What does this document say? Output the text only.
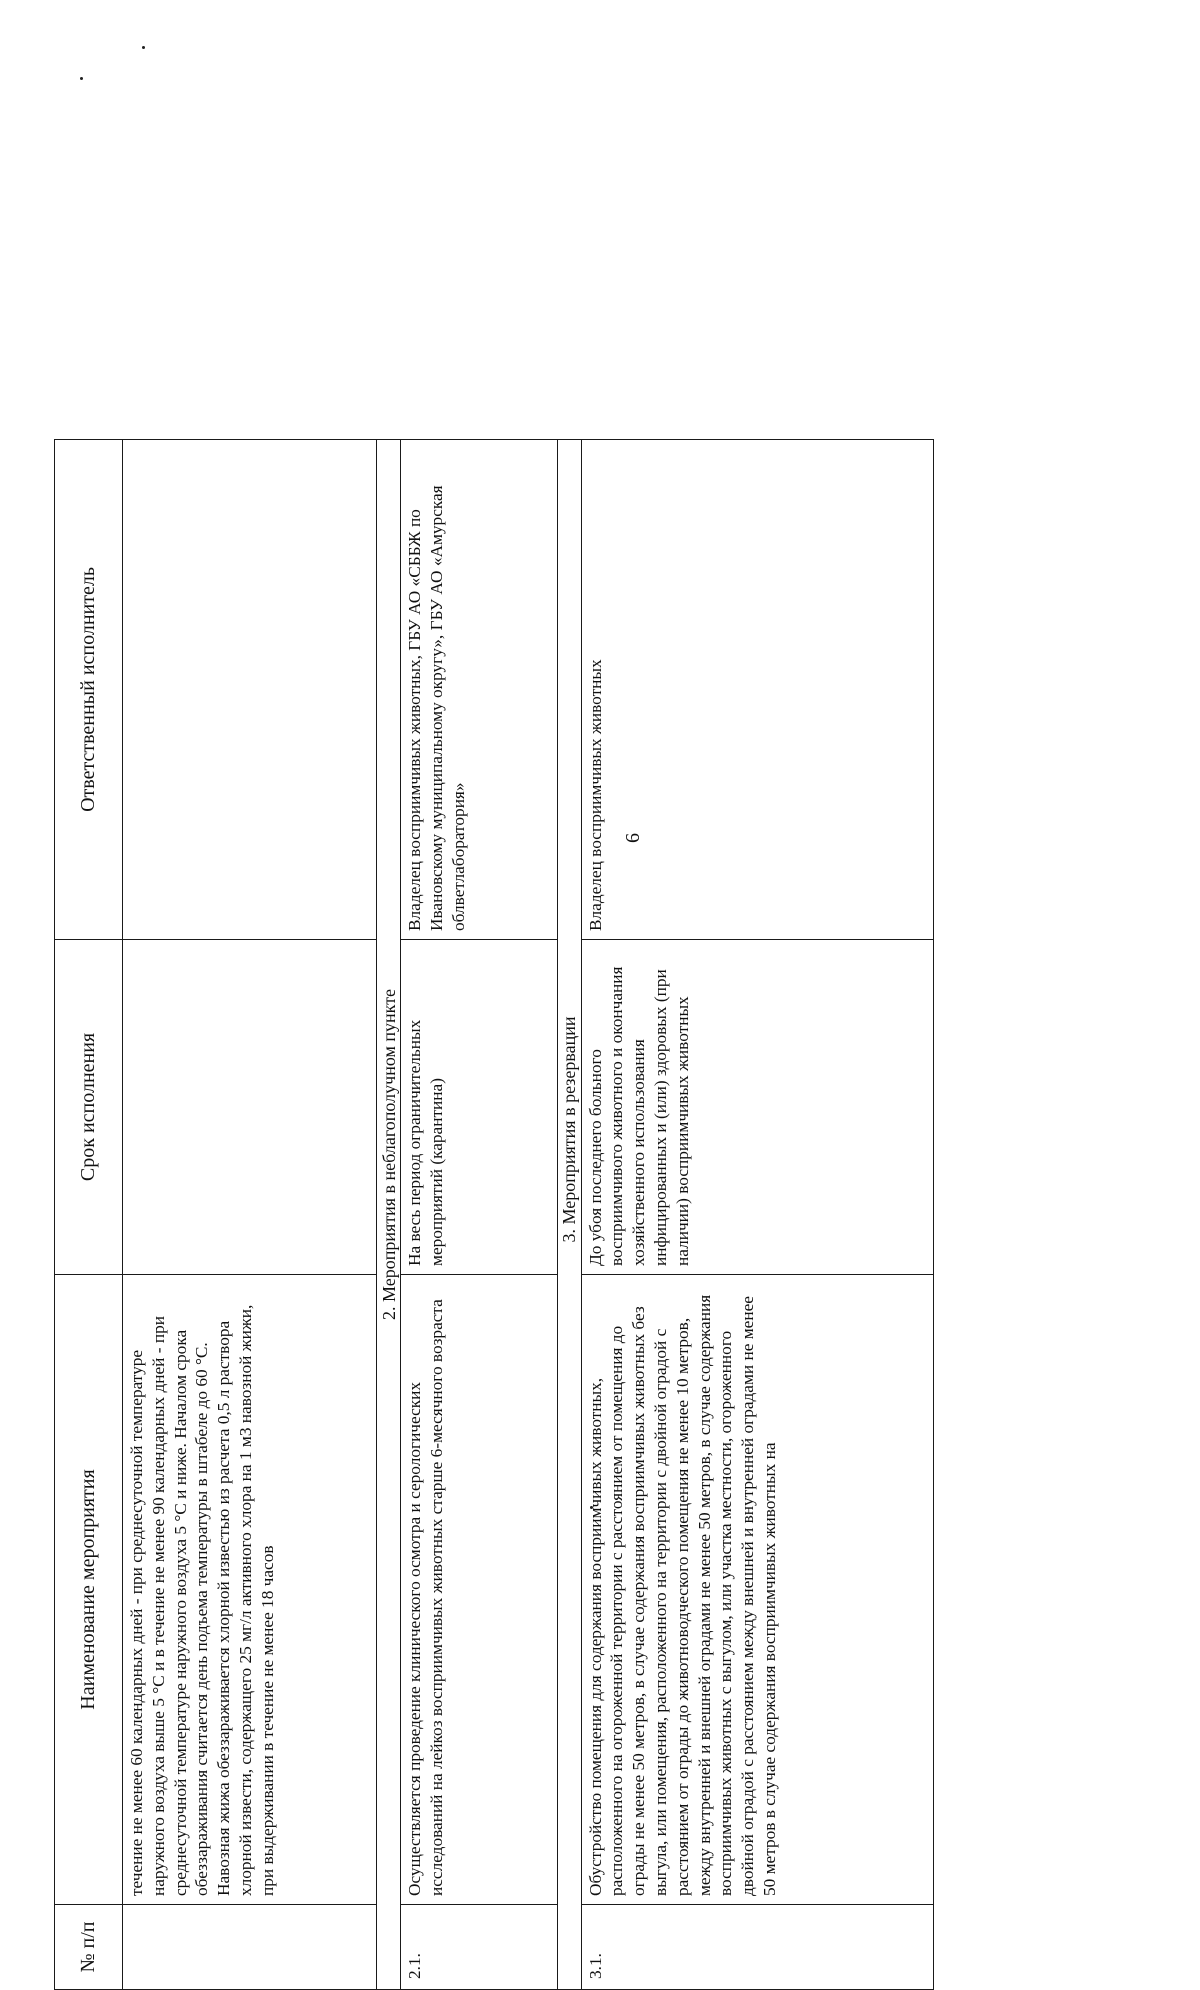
6
№ п/п	Наименование мероприятия	Срок исполнения	Ответственный исполнитель

	течение не менее 60 календарных дней - при среднесуточной температуре наружного воздуха выше 5 °С и в течение не менее 90 календарных дней - при среднесуточной температуре наружного воздуха 5 °С и ниже. Началом срока обеззараживания считается день подъема температуры в штабеле до 60 °С. Навозная жижа обеззараживается хлорной известью из расчета 0,5 л раствора хлорной извести, содержащего 25 мг/л активного хлора на 1 м3 навозной жижи, при выдерживании в течение не менее 18 часов		

2. Мероприятия в неблагополучном пункте			
2.1.	Осуществляется проведение клинического осмотра и серологических исследований на лейкоз восприимчивых животных старше 6-месячного возраста	На весь период ограничительных мероприятий (карантина)	Владелец восприимчивых животных, ГБУ АО «СББЖ по Ивановскому муниципальному округу», ГБУ АО «Амурская облветлаборатория»

3. Мероприятия в резервации			
3.1.	Обустройство помещения для содержания восприимчивых животных, расположенного на огороженной территории с расстоянием от помещения до ограды не менее 50 метров, в случае содержания восприимчивых животных без выгула, или помещения, расположенного на территории с двойной оградой с расстоянием от ограды до животноводческого помещения не менее 10 метров, между внутренней и внешней оградами не менее 50 метров, в случае содержания восприимчивых животных с выгулом, или участка местности, огороженного двойной оградой с расстоянием между внешней и внутренней оградами не менее 50 метров в случае содержания восприимчивых животных на	До убоя последнего больного восприимчивого животного и окончания хозяйственного использования инфицированных и (или) здоровых (при наличии) восприимчивых животных	Владелец восприимчивых животных
